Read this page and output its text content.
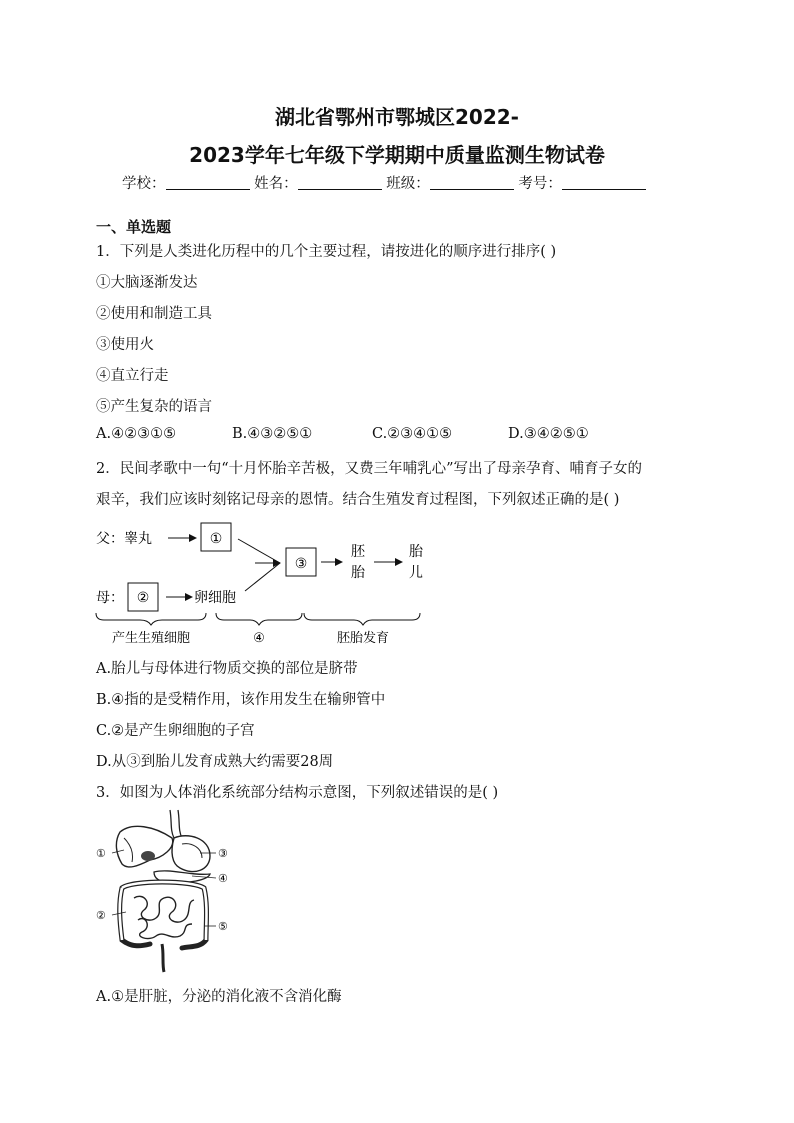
湖北省鄂州市鄂城区2022-
2023学年七年级下学期期中质量监测生物试卷
学校：	姓名：	班级：	考号：
一、单选题
1．下列是人类进化历程中的几个主要过程，请按进化的顺序进行排序( )
①大脑逐渐发达
②使用和制造工具
③使用火
④直立行走
⑤产生复杂的语言
A.④②③①⑤	B.④③②⑤①	C.②③④①⑤	D.③④②⑤①
2．民间孝歌中一句“十月怀胎辛苦极，又费三年哺乳心”写出了母亲孕育、哺育子女的
艰辛，我们应该时刻铭记母亲的恩情。结合生殖发育过程图，下列叙述正确的是( )
父：睾丸	①
母： ②	卵细胞
③
胚
胎
胎
儿
产生生殖细胞	④	胚胎发育
A.胎儿与母体进行物质交换的部位是脐带
B.④指的是受精作用，该作用发生在输卵管中
C.②是产生卵细胞的子宫
D.从③到胎儿发育成熟大约需要28周
3．如图为人体消化系统部分结构示意图，下列叙述错误的是( )
①
②
③
④
⑤
A.①是肝脏，分泌的消化液不含消化酶
